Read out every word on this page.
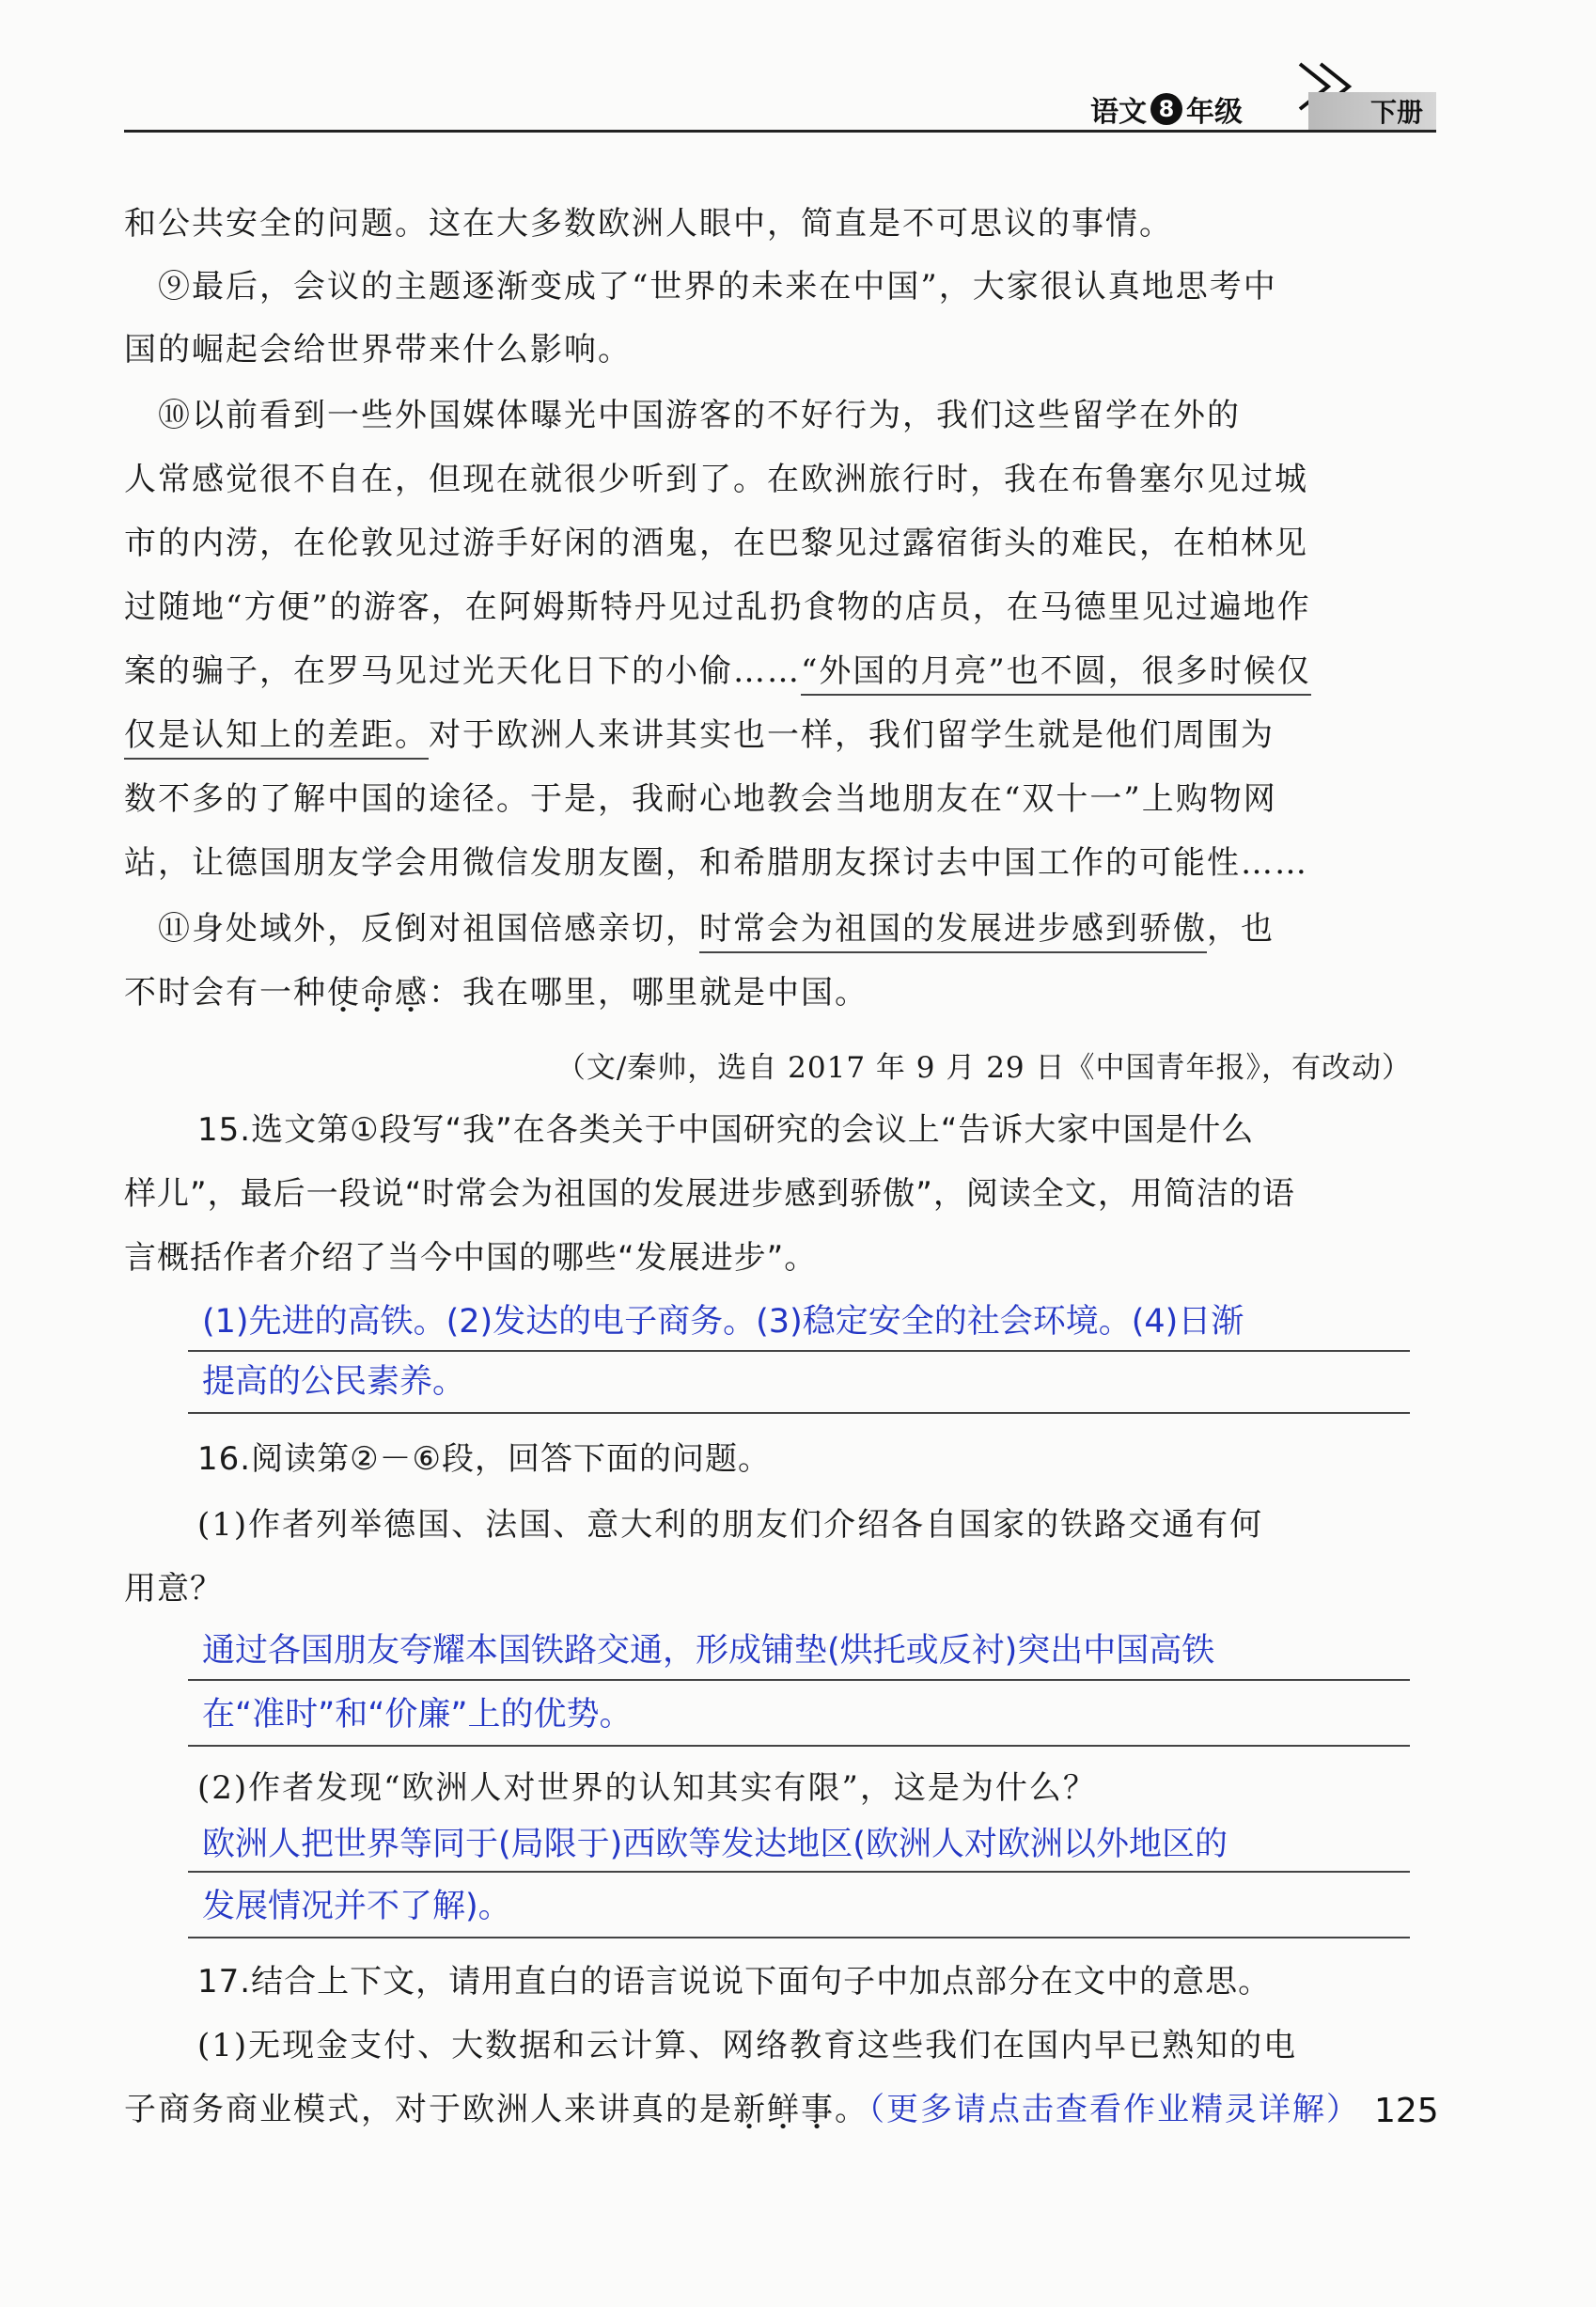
语文 8 年级	下册
和公共安全的问题。这在大多数欧洲人眼中，简直是不可思议的事情。
⑨最后，会议的主题逐渐变成了“世界的未来在中国”，大家很认真地思考中
国的崛起会给世界带来什么影响。
⑩以前看到一些外国媒体曝光中国游客的不好行为，我们这些留学在外的
人常感觉很不自在，但现在就很少听到了。在欧洲旅行时，我在布鲁塞尔见过城
市的内涝，在伦敦见过游手好闲的酒鬼，在巴黎见过露宿街头的难民，在柏林见
过随地“方便”的游客，在阿姆斯特丹见过乱扔食物的店员，在马德里见过遍地作
案的骗子，在罗马见过光天化日下的小偷……“外国的月亮”也不圆，很多时候仅
仅是认知上的差距。对于欧洲人来讲其实也一样，我们留学生就是他们周围为
数不多的了解中国的途径。于是，我耐心地教会当地朋友在“双十一”上购物网
站，让德国朋友学会用微信发朋友圈，和希腊朋友探讨去中国工作的可能性……
⑪身处域外，反倒对祖国倍感亲切，时常会为祖国的发展进步感到骄傲，也
不时会有一种使命感：我在哪里，哪里就是中国。
（文/秦帅，选自 2017 年 9 月 29 日《中国青年报》，有改动）
15.选文第①段写“我”在各类关于中国研究的会议上“告诉大家中国是什么
样儿”，最后一段说“时常会为祖国的发展进步感到骄傲”，阅读全文，用简洁的语
言概括作者介绍了当今中国的哪些“发展进步”。
(1)先进的高铁。(2)发达的电子商务。(3)稳定安全的社会环境。(4)日渐
提高的公民素养。
16.阅读第②－⑥段，回答下面的问题。
(1)作者列举德国、法国、意大利的朋友们介绍各自国家的铁路交通有何
用意？
通过各国朋友夸耀本国铁路交通，形成铺垫(烘托或反衬)突出中国高铁
在“准时”和“价廉”上的优势。
(2)作者发现“欧洲人对世界的认知其实有限”，这是为什么？
欧洲人把世界等同于(局限于)西欧等发达地区(欧洲人对欧洲以外地区的
发展情况并不了解)。
17.结合上下文，请用直白的语言说说下面句子中加点部分在文中的意思。
(1)无现金支付、大数据和云计算、网络教育这些我们在国内早已熟知的电
子商务商业模式，对于欧洲人来讲真的是新鲜事。（更多请点击查看作业精灵详解） 125
